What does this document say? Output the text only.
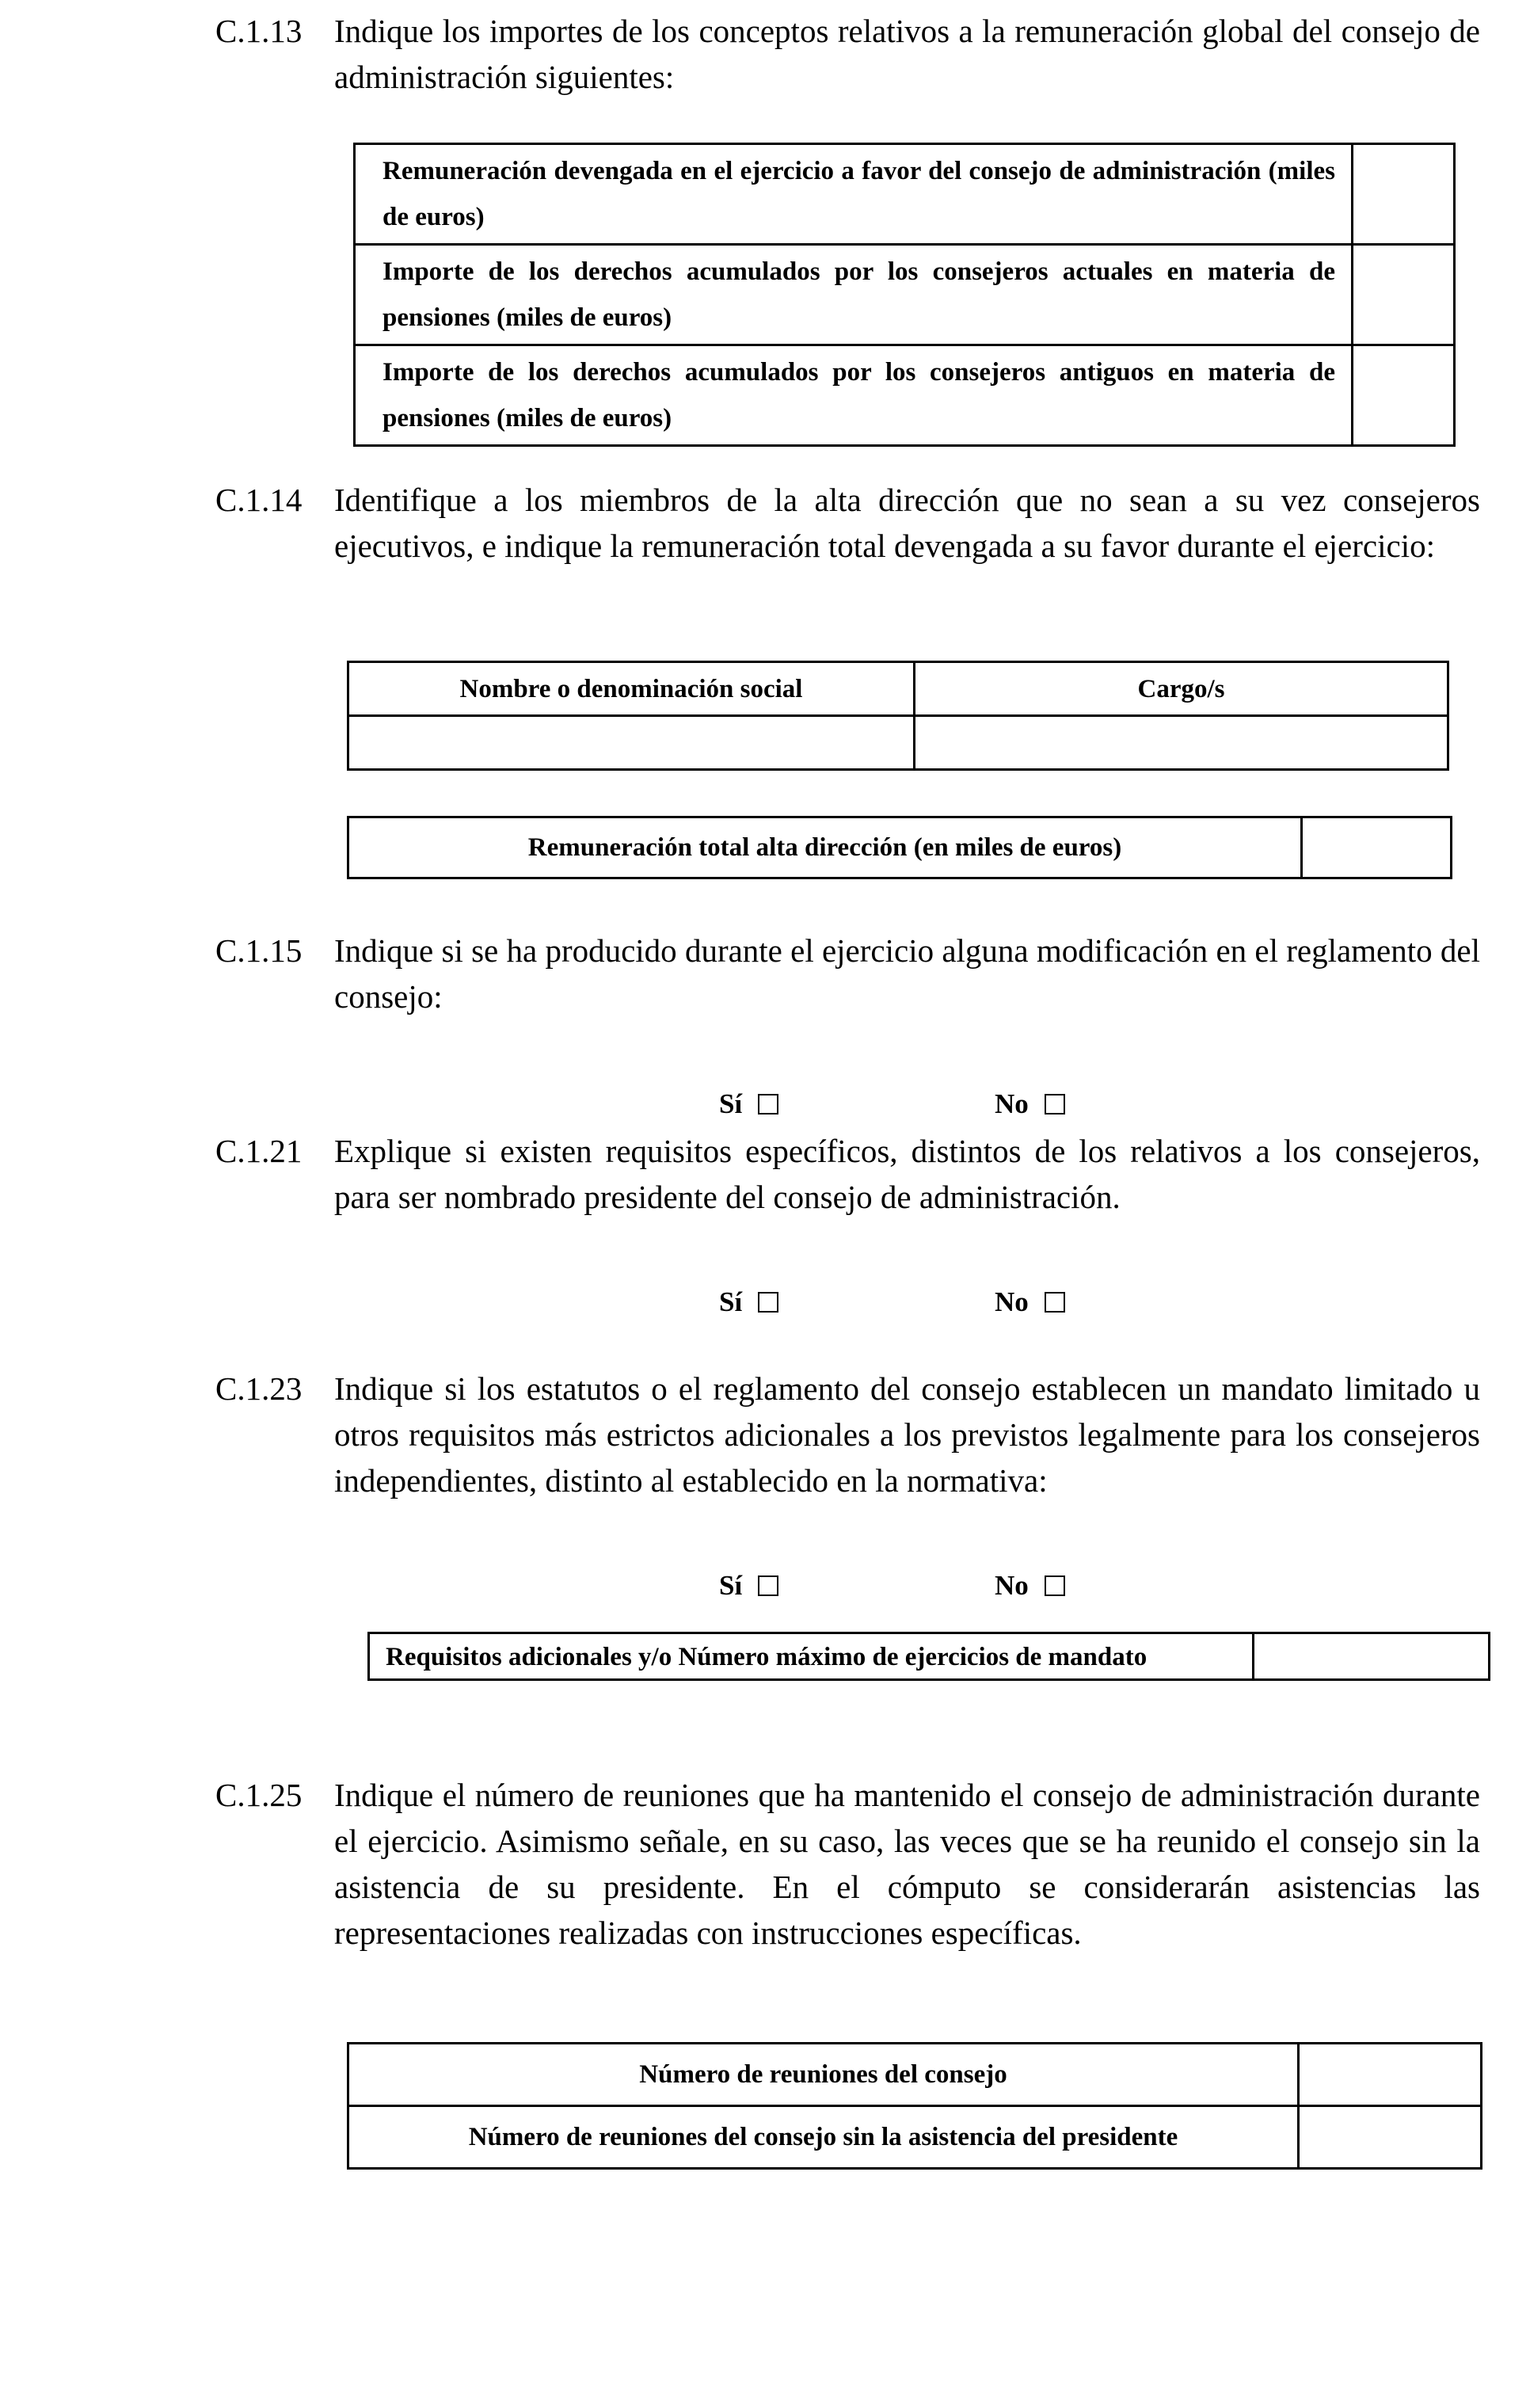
C.1.13 Indique los importes de los conceptos relativos a la remuneración global del consejo de administración siguientes:
Remuneración devengada en el ejercicio a favor del consejo de administración (miles de euros)	
Importe de los derechos acumulados por los consejeros actuales en materia de pensiones (miles de euros)	
Importe de los derechos acumulados por los consejeros antiguos en materia de pensiones (miles de euros)	
C.1.14 Identifique a los miembros de la alta dirección que no sean a su vez consejeros ejecutivos, e indique la remuneración total devengada a su favor durante el ejercicio:
Nombre o denominación social	Cargo/s

Remuneración total alta dirección (en miles de euros)	
C.1.15 Indique si se ha producido durante el ejercicio alguna modificación en el reglamento del consejo:
Sí	No
C.1.21 Explique si existen requisitos específicos, distintos de los relativos a los consejeros, para ser nombrado presidente del consejo de administración.
Sí	No
C.1.23 Indique si los estatutos o el reglamento del consejo establecen un mandato limitado u otros requisitos más estrictos adicionales a los previstos legalmente para los consejeros independientes, distinto al establecido en la normativa:
Sí	No
Requisitos adicionales y/o Número máximo de ejercicios de mandato	
C.1.25 Indique el número de reuniones que ha mantenido el consejo de administración durante el ejercicio. Asimismo señale, en su caso, las veces que se ha reunido el consejo sin la asistencia de su presidente. En el cómputo se considerarán asistencias las representaciones realizadas con instrucciones específicas.
Número de reuniones del consejo	
Número de reuniones del consejo sin la asistencia del presidente	
